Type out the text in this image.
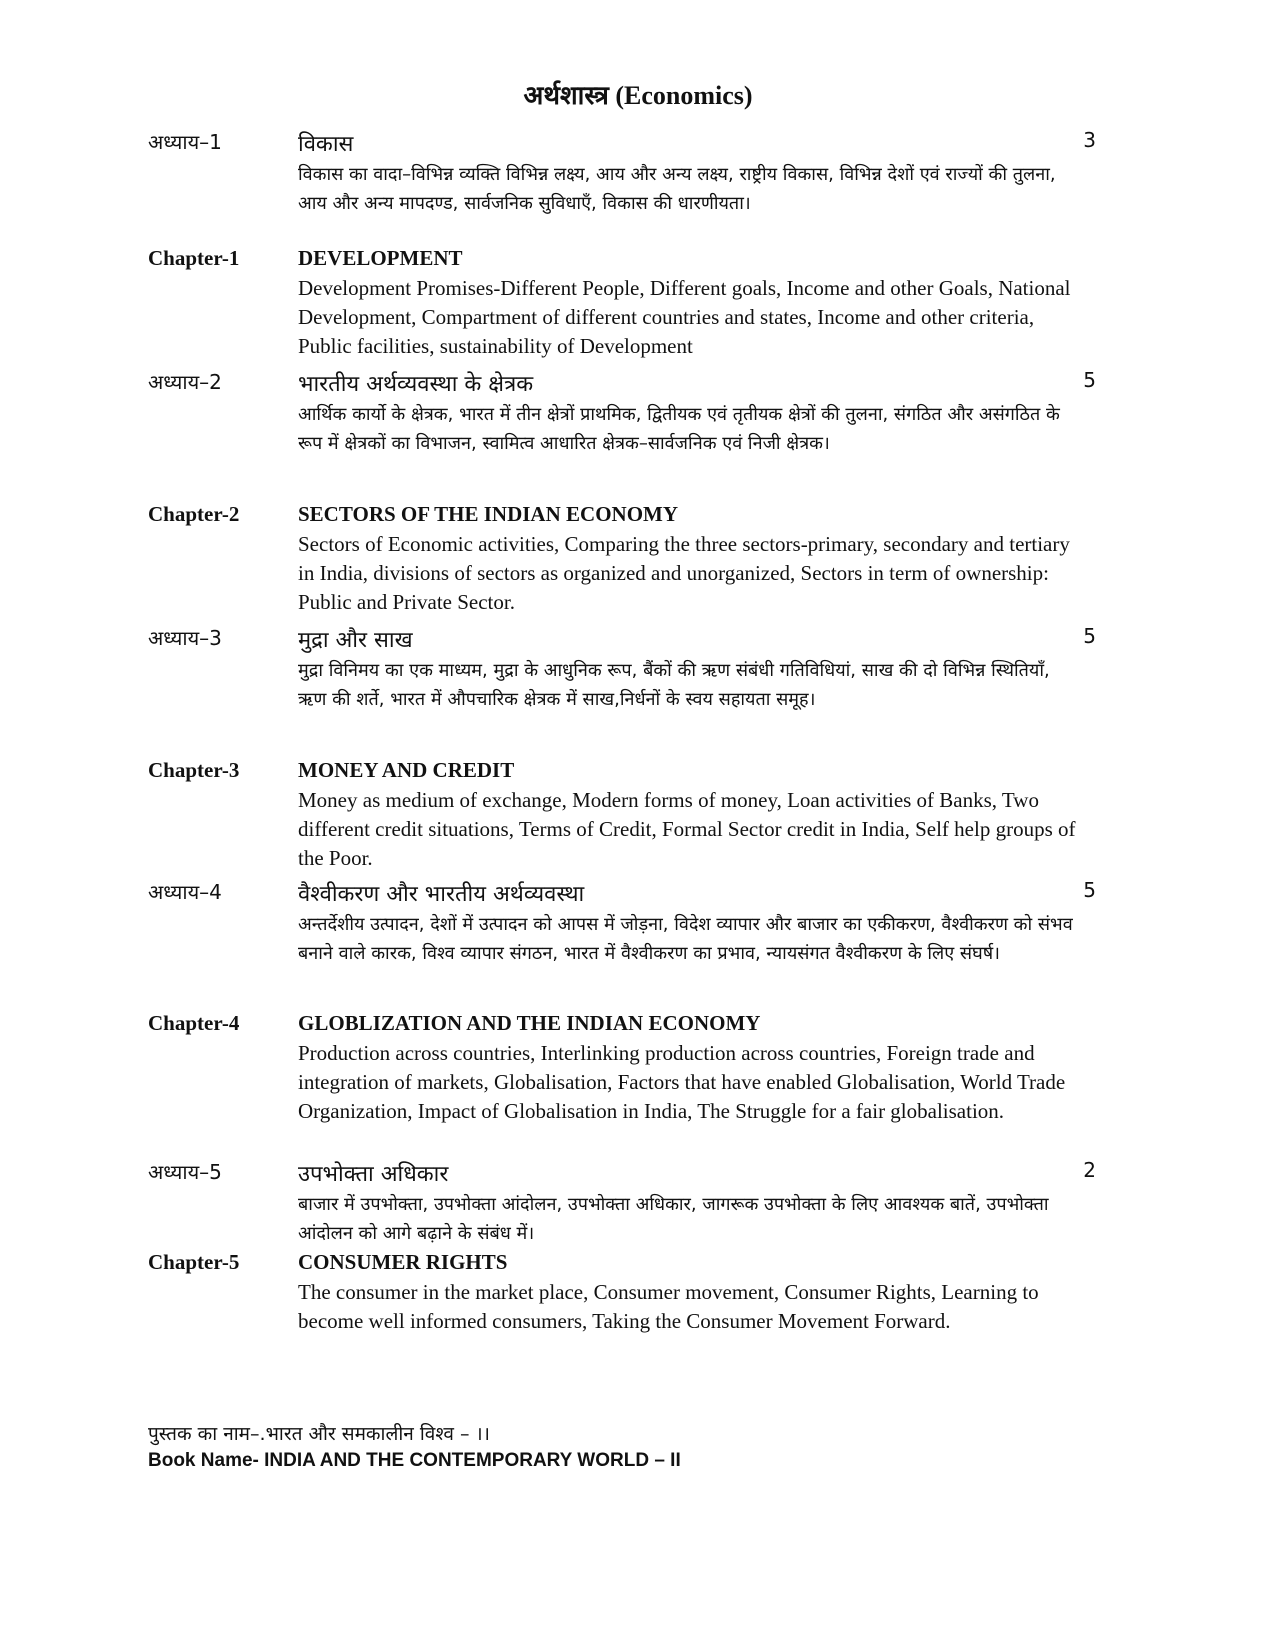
अर्थशास्त्र (Economics)
अध्याय–1	विकास	3
विकास का वादा–विभिन्न व्यक्ति विभिन्न लक्ष्य, आय और अन्य लक्ष्य, राष्ट्रीय विकास, विभिन्न देशों एवं राज्यों की तुलना, आय और अन्य मापदण्ड, सार्वजनिक सुविधाएँ, विकास की धारणीयता।
Chapter-1	DEVELOPMENT
Development Promises-Different People, Different goals, Income and other Goals, National Development, Compartment of different countries and states, Income and other criteria, Public facilities, sustainability of Development
अध्याय–2	भारतीय अर्थव्यवस्था के क्षेत्रक	5
आर्थिक कार्यो के क्षेत्रक, भारत में तीन क्षेत्रों प्राथमिक, द्वितीयक एवं तृतीयक क्षेत्रों की तुलना, संगठित और असंगठित के रूप में क्षेत्रकों का विभाजन, स्वामित्व आधारित क्षेत्रक–सार्वजनिक एवं निजी क्षेत्रक।
Chapter-2	SECTORS OF THE INDIAN ECONOMY
Sectors of Economic activities, Comparing the three sectors-primary, secondary and tertiary in India, divisions of sectors as organized and unorganized, Sectors in term of ownership: Public and Private Sector.
अध्याय–3	मुद्रा और साख	5
मुद्रा विनिमय का एक माध्यम, मुद्रा के आधुनिक रूप, बैंकों की ऋण संबंधी गतिविधियां, साख की दो विभिन्न स्थितियॉं, ऋण की शर्ते, भारत में औपचारिक क्षेत्रक में साख,निर्धनों के स्वय सहायता समूह।
Chapter-3	MONEY AND CREDIT
Money as medium of exchange, Modern forms of money, Loan activities of Banks, Two different credit situations, Terms of Credit, Formal Sector credit in India, Self help groups of the Poor.
अध्याय–4	वैश्वीकरण और भारतीय अर्थव्यवस्था	5
अन्तर्देशीय उत्पादन, देशों में उत्पादन को आपस में जोड़ना, विदेश व्यापार और बाजार का एकीकरण, वैश्वीकरण को संभव बनाने वाले कारक, विश्व व्यापार संगठन, भारत में वैश्वीकरण का प्रभाव, न्यायसंगत वैश्वीकरण के लिए संघर्ष।
Chapter-4	GLOBLIZATION AND THE INDIAN ECONOMY
Production across countries, Interlinking production across countries, Foreign trade and integration of markets, Globalisation, Factors that have enabled Globalisation, World Trade Organization, Impact of Globalisation in India, The Struggle for a fair globalisation.
अध्याय–5	उपभोक्ता अधिकार	2
बाजार में उपभोक्ता, उपभोक्ता आंदोलन, उपभोक्ता अधिकार, जागरूक उपभोक्ता के लिए आवश्यक बातें, उपभोक्ता आंदोलन को आगे बढ़ाने के संबंध में।
Chapter-5	CONSUMER RIGHTS
The consumer in the market place, Consumer movement, Consumer Rights, Learning to become well informed consumers, Taking the Consumer Movement Forward.
पुस्तक का नाम–.भारत और समकालीन विश्व – ।।
Book Name- INDIA AND THE CONTEMPORARY WORLD – II
